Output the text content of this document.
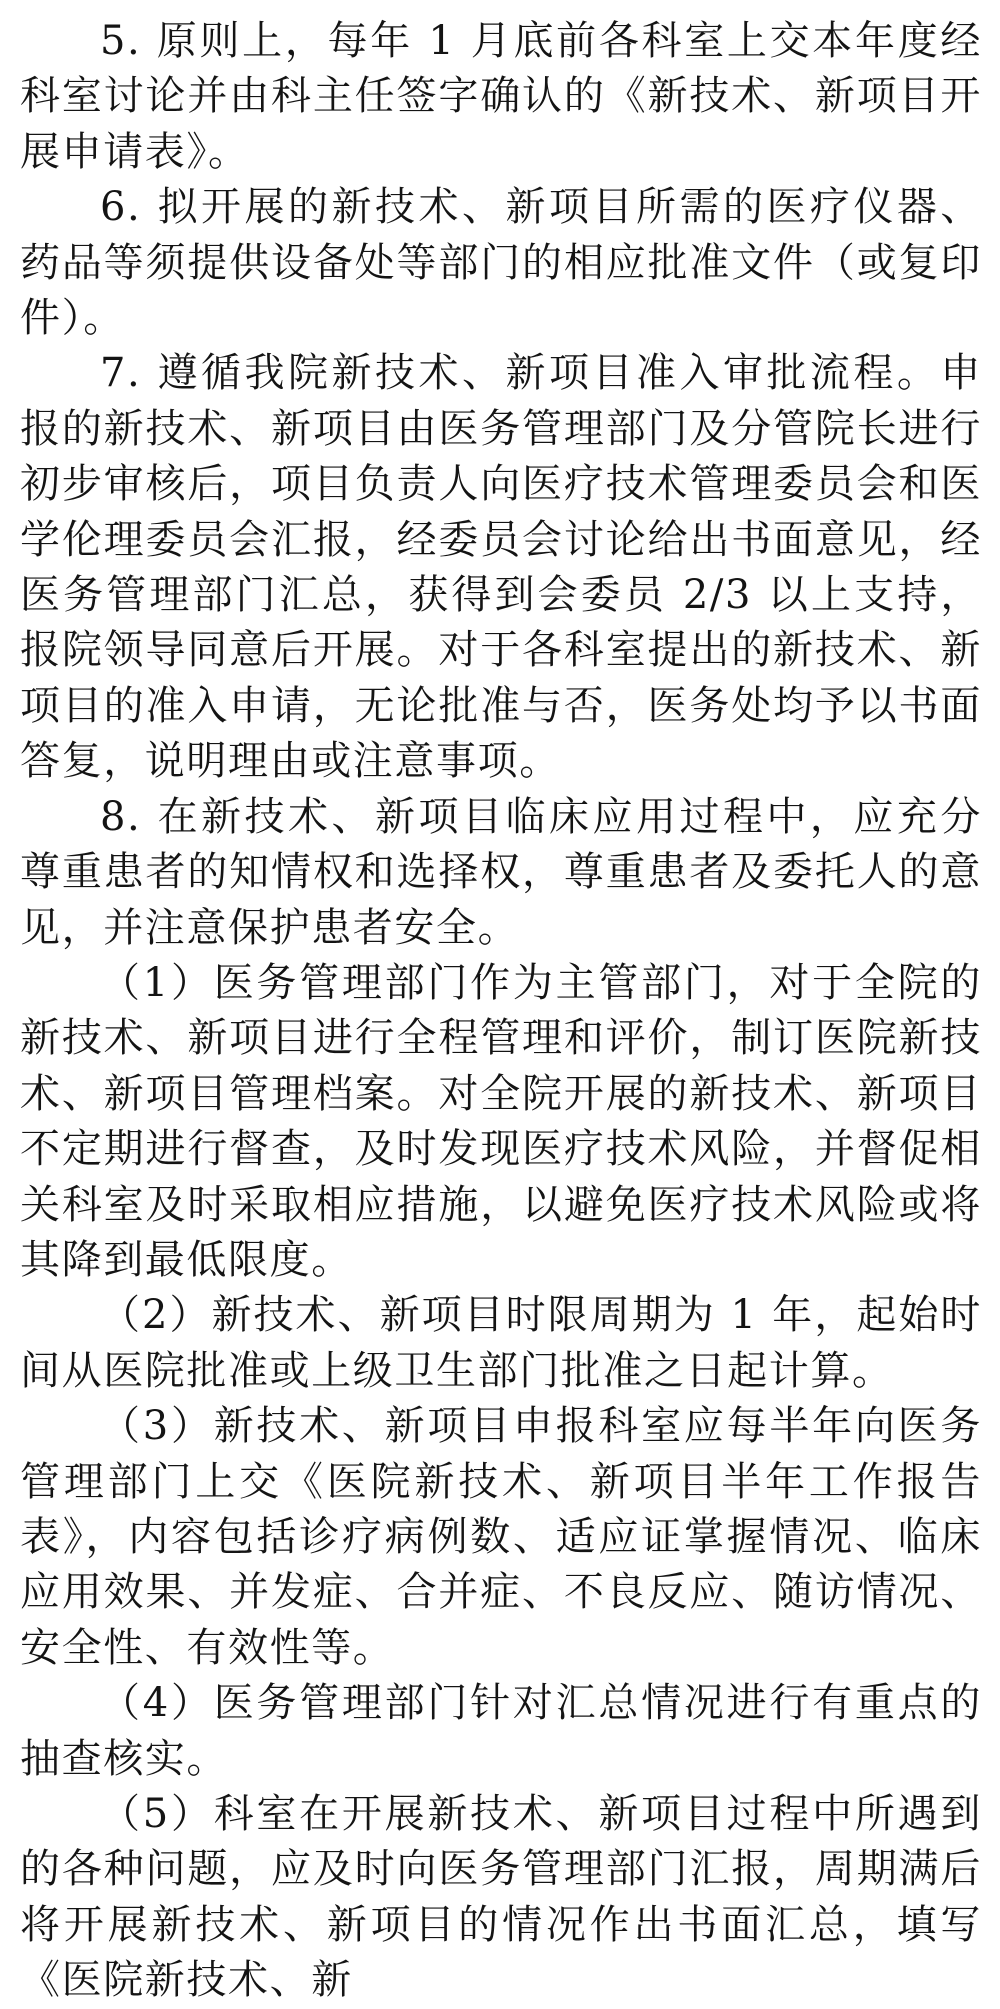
5. 原则上，每年 1 月底前各科室上交本年度经科室讨论并由科主任签字确认的《新技术、新项目开展申请表》。

6. 拟开展的新技术、新项目所需的医疗仪器、药品等须提供设备处等部门的相应批准文件（或复印件）。

7. 遵循我院新技术、新项目准入审批流程。申报的新技术、新项目由医务管理部门及分管院长进行初步审核后，项目负责人向医疗技术管理委员会和医学伦理委员会汇报，经委员会讨论给出书面意见，经医务管理部门汇总，获得到会委员 2/3 以上支持，报院领导同意后开展。对于各科室提出的新技术、新项目的准入申请，无论批准与否，医务处均予以书面答复，说明理由或注意事项。

8. 在新技术、新项目临床应用过程中，应充分尊重患者的知情权和选择权，尊重患者及委托人的意见，并注意保护患者安全。

（1）医务管理部门作为主管部门，对于全院的新技术、新项目进行全程管理和评价，制订医院新技术、新项目管理档案。对全院开展的新技术、新项目不定期进行督查，及时发现医疗技术风险，并督促相关科室及时采取相应措施，以避免医疗技术风险或将其降到最低限度。

（2）新技术、新项目时限周期为 1 年，起始时间从医院批准或上级卫生部门批准之日起计算。

（3）新技术、新项目申报科室应每半年向医务管理部门上交《医院新技术、新项目半年工作报告表》，内容包括诊疗病例数、适应证掌握情况、临床应用效果、并发症、合并症、不良反应、随访情况、安全性、有效性等。

（4）医务管理部门针对汇总情况进行有重点的抽查核实。

（5）科室在开展新技术、新项目过程中所遇到的各种问题，应及时向医务管理部门汇报，周期满后将开展新技术、新项目的情况作出书面汇总，填写《医院新技术、新
